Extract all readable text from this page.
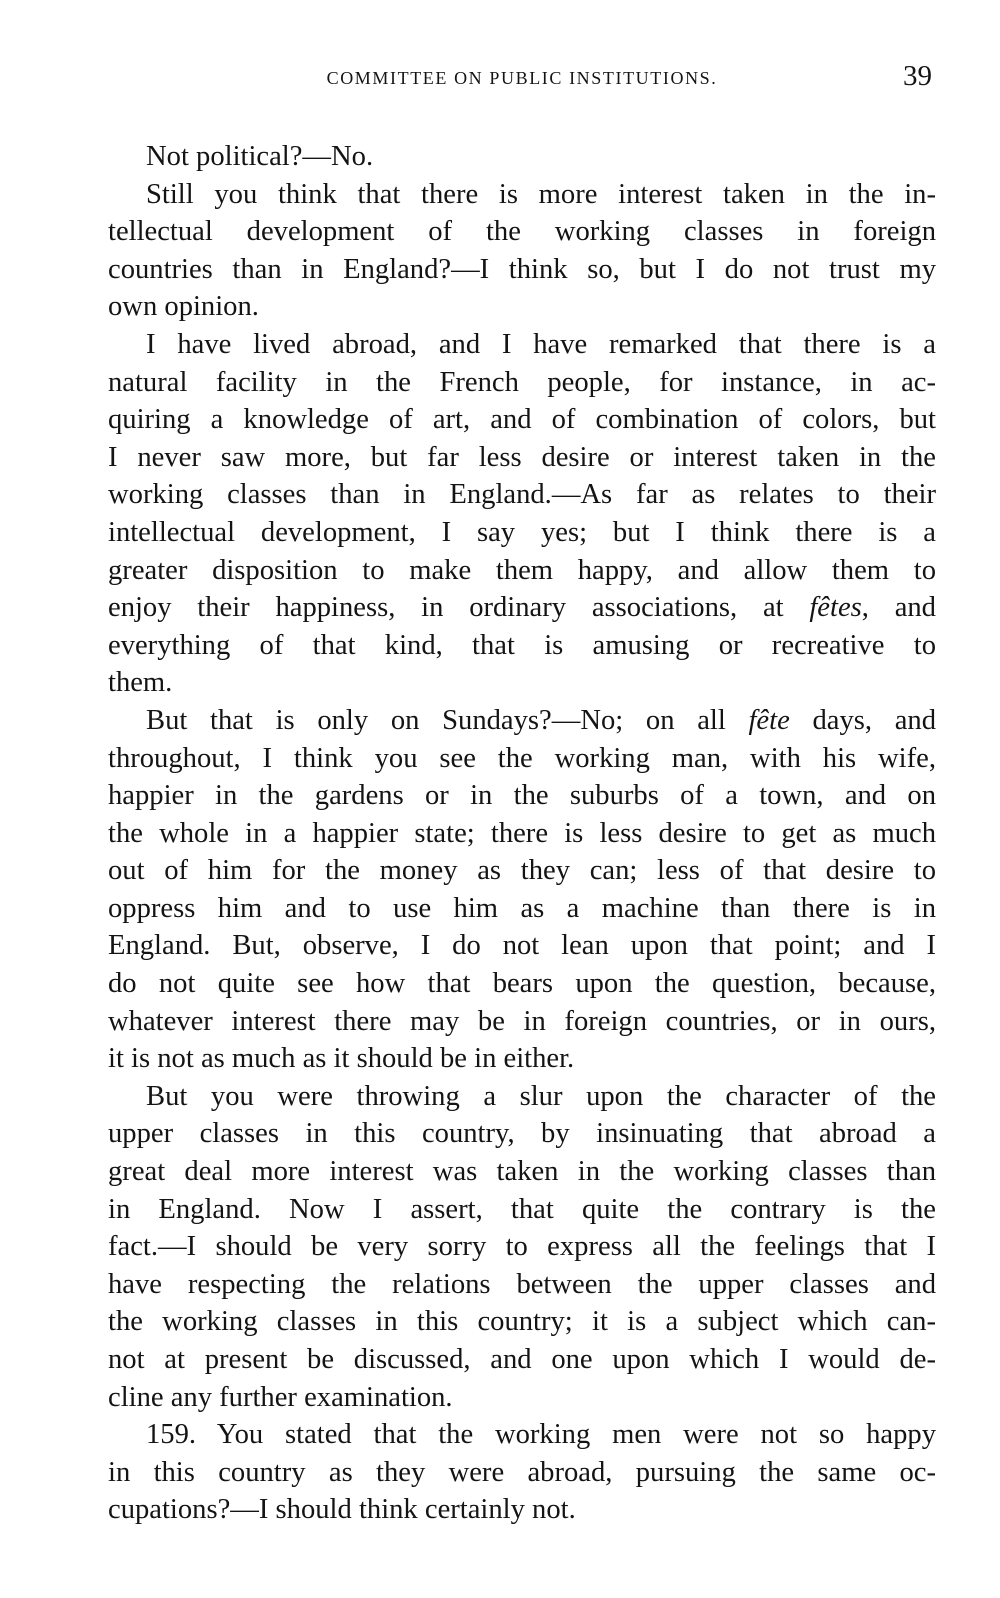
COMMITTEE ON PUBLIC INSTITUTIONS.	39

Not political?—No.

Still you think that there is more interest taken in the in-
tellectual development of the working classes in foreign
countries than in England?—I think so, but I do not trust my
own opinion.

I have lived abroad, and I have remarked that there is a
natural facility in the French people, for instance, in ac-
quiring a knowledge of art, and of combination of colors, but
I never saw more, but far less desire or interest taken in the
working classes than in England.—As far as relates to their
intellectual development, I say yes; but I think there is a
greater disposition to make them happy, and allow them to
enjoy their happiness, in ordinary associations, at fêtes, and
everything of that kind, that is amusing or recreative to
them.

But that is only on Sundays?—No; on all fête days, and
throughout, I think you see the working man, with his wife,
happier in the gardens or in the suburbs of a town, and on
the whole in a happier state; there is less desire to get as much
out of him for the money as they can; less of that desire to
oppress him and to use him as a machine than there is in
England. But, observe, I do not lean upon that point; and I
do not quite see how that bears upon the question, because,
whatever interest there may be in foreign countries, or in ours,
it is not as much as it should be in either.

But you were throwing a slur upon the character of the
upper classes in this country, by insinuating that abroad a
great deal more interest was taken in the working classes than
in England. Now I assert, that quite the contrary is the
fact.—I should be very sorry to express all the feelings that I
have respecting the relations between the upper classes and
the working classes in this country; it is a subject which can-
not at present be discussed, and one upon which I would de-
cline any further examination.

159. You stated that the working men were not so happy
in this country as they were abroad, pursuing the same oc-
cupations?—I should think certainly not.
